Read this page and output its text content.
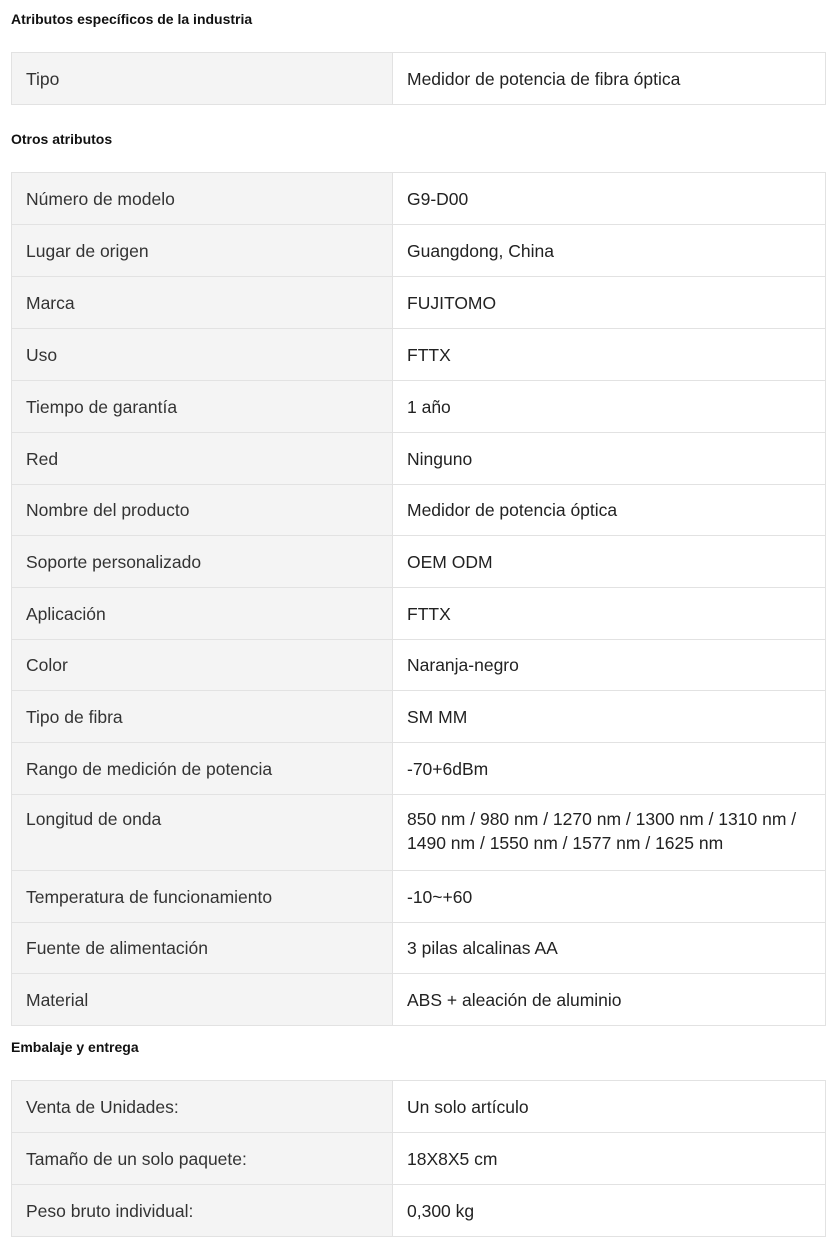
Atributos específicos de la industria
Tipo	Medidor de potencia de fibra óptica
Otros atributos
Número de modelo	G9-D00
Lugar de origen	Guangdong, China
Marca	FUJITOMO
Uso	FTTX
Tiempo de garantía	1 año
Red	Ninguno
Nombre del producto	Medidor de potencia óptica
Soporte personalizado	OEM ODM
Aplicación	FTTX
Color	Naranja-negro
Tipo de fibra	SM MM
Rango de medición de potencia	-70+6dBm
Longitud de onda	850 nm / 980 nm / 1270 nm / 1300 nm / 1310 nm / 1490 nm / 1550 nm / 1577 nm / 1625 nm
Temperatura de funcionamiento	-10~+60
Fuente de alimentación	3 pilas alcalinas AA
Material	ABS + aleación de aluminio
Embalaje y entrega
Venta de Unidades:	Un solo artículo
Tamaño de un solo paquete:	18X8X5 cm
Peso bruto individual:	0,300 kg
